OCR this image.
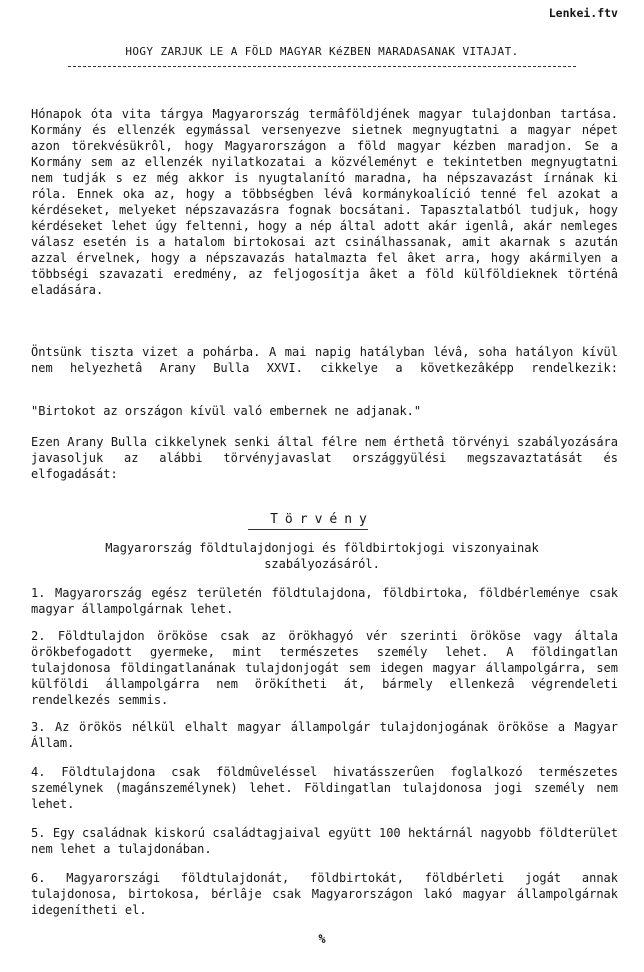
Lenkei.ftv
HOGY ZARJUK LE A FÖLD MAGYAR KéZBEN MARADASANAK VITAJAT.

Hónapok óta vita tárgya Magyarország termâföldjének magyar tulajdonban tartása. Kormány és ellenzék egymással versenyezve sietnek megnyugtatni a magyar népet azon törekvésükrôl, hogy Magyarországon a föld magyar kézben maradjon. Se a Kormány sem az ellenzék nyilatkozatai a közvéleményt e tekintetben megnyugtatni nem tudják s ez még akkor is nyugtalanító maradna, ha népszavazást írnának ki róla. Ennek oka az, hogy a többségben lévâ kormánykoalíció tenné fel azokat a kérdéseket, melyeket népszavazásra fognak bocsátani. Tapasztalatból tudjuk, hogy kérdéseket lehet úgy feltenni, hogy a nép által adott akár igenlâ, akár nemleges válasz esetén is a hatalom birtokosai azt csinálhassanak, amit akarnak s azután azzal érvelnek, hogy a népszavazás hatalmazta fel âket arra, hogy akármilyen a többségi szavazati eredmény, az feljogosítja âket a föld külföldieknek történâ eladására.

Öntsünk tiszta vizet a pohárba. A mai napig hatályban lévâ, soha hatályon kívül nem helyezhetâ Arany Bulla XXVI. cikkelye a következâképp rendelkezik:

"Birtokot az országon kívül való embernek ne adjanak."

Ezen Arany Bulla cikkelynek senki által félre nem érthetâ törvényi szabályozására javasoljuk az alábbi törvényjavaslat országgyülési megszavaztatását és elfogadását:

Törvény
Magyarország földtulajdonjogi és földbirtokjogi viszonyainak
szabályozásáról.

1. Magyarország egész területén földtulajdona, földbirtoka, földbérleménye csak magyar állampolgárnak lehet.

2. Földtulajdon örököse csak az örökhagyó vér szerinti örököse vagy általa örökbefogadott gyermeke, mint természetes személy lehet. A földingatlan tulajdonosa földingatlanának tulajdonjogát sem idegen magyar állampolgárra, sem külföldi állampolgárra nem örökítheti át, bármely ellenkezâ végrendeleti rendelkezés semmis.

3. Az örökös nélkül elhalt magyar állampolgár tulajdonjogának örököse a Magyar Állam.

4. Földtulajdona csak földmûveléssel hivatásszerûen foglalkozó természetes személynek (magánszemélynek) lehet. Földingatlan tulajdonosa jogi személy nem lehet.

5. Egy családnak kiskorú családtagjaival együtt 100 hektárnál nagyobb földterület nem lehet a tulajdonában.

6. Magyarországi földtulajdonát, földbirtokát, földbérleti jogát annak tulajdonosa, birtokosa, bérlâje csak Magyarországon lakó magyar állampolgárnak idegenítheti el.

%
